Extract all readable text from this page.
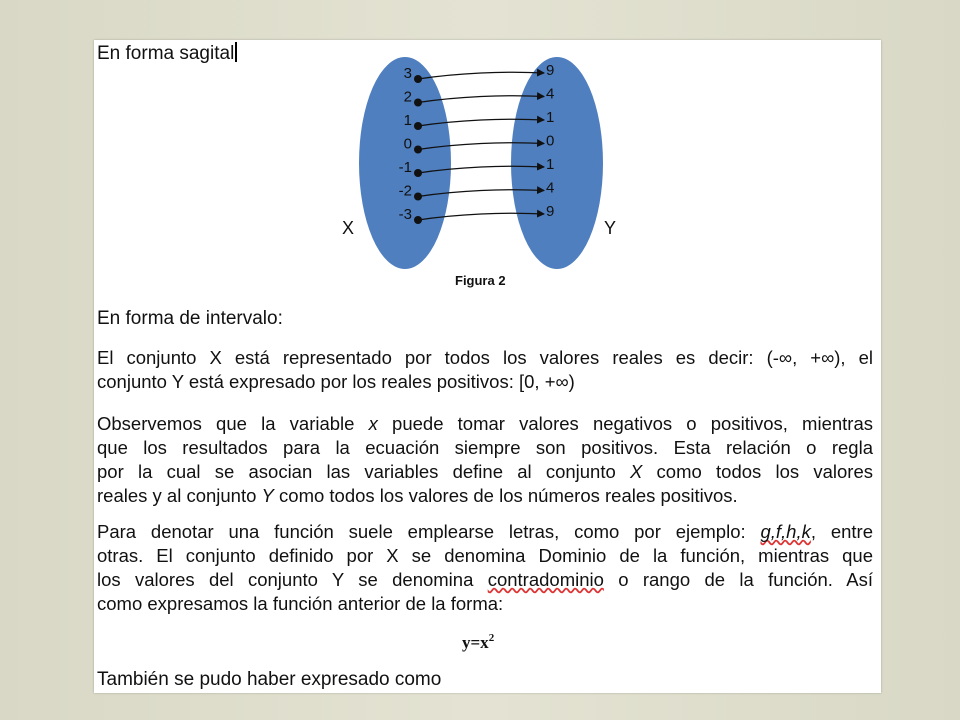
En forma sagital
3
2
1
0
-1
-2
-3
9
4
1
0
1
4
9
X	Y
Figura 2
En forma de intervalo:
El conjunto X está representado por todos los valores reales es decir: (-∞, +∞), el
conjunto Y está expresado por los reales positivos: [0, +∞)
Observemos que la variable x puede tomar valores negativos o positivos, mientras
que los resultados para la ecuación siempre son positivos. Esta relación o regla
por la cual se asocian las variables define al conjunto X como todos los valores
reales y al conjunto Y como todos los valores de los números reales positivos.
Para denotar una función suele emplearse letras, como por ejemplo: g,f,h,k, entre
otras. El conjunto definido por X se denomina Dominio de la función, mientras que
los valores del conjunto Y se denomina contradominio o rango de la función. Así
como expresamos la función anterior de la forma:
$y=x^2$
También se pudo haber expresado como
